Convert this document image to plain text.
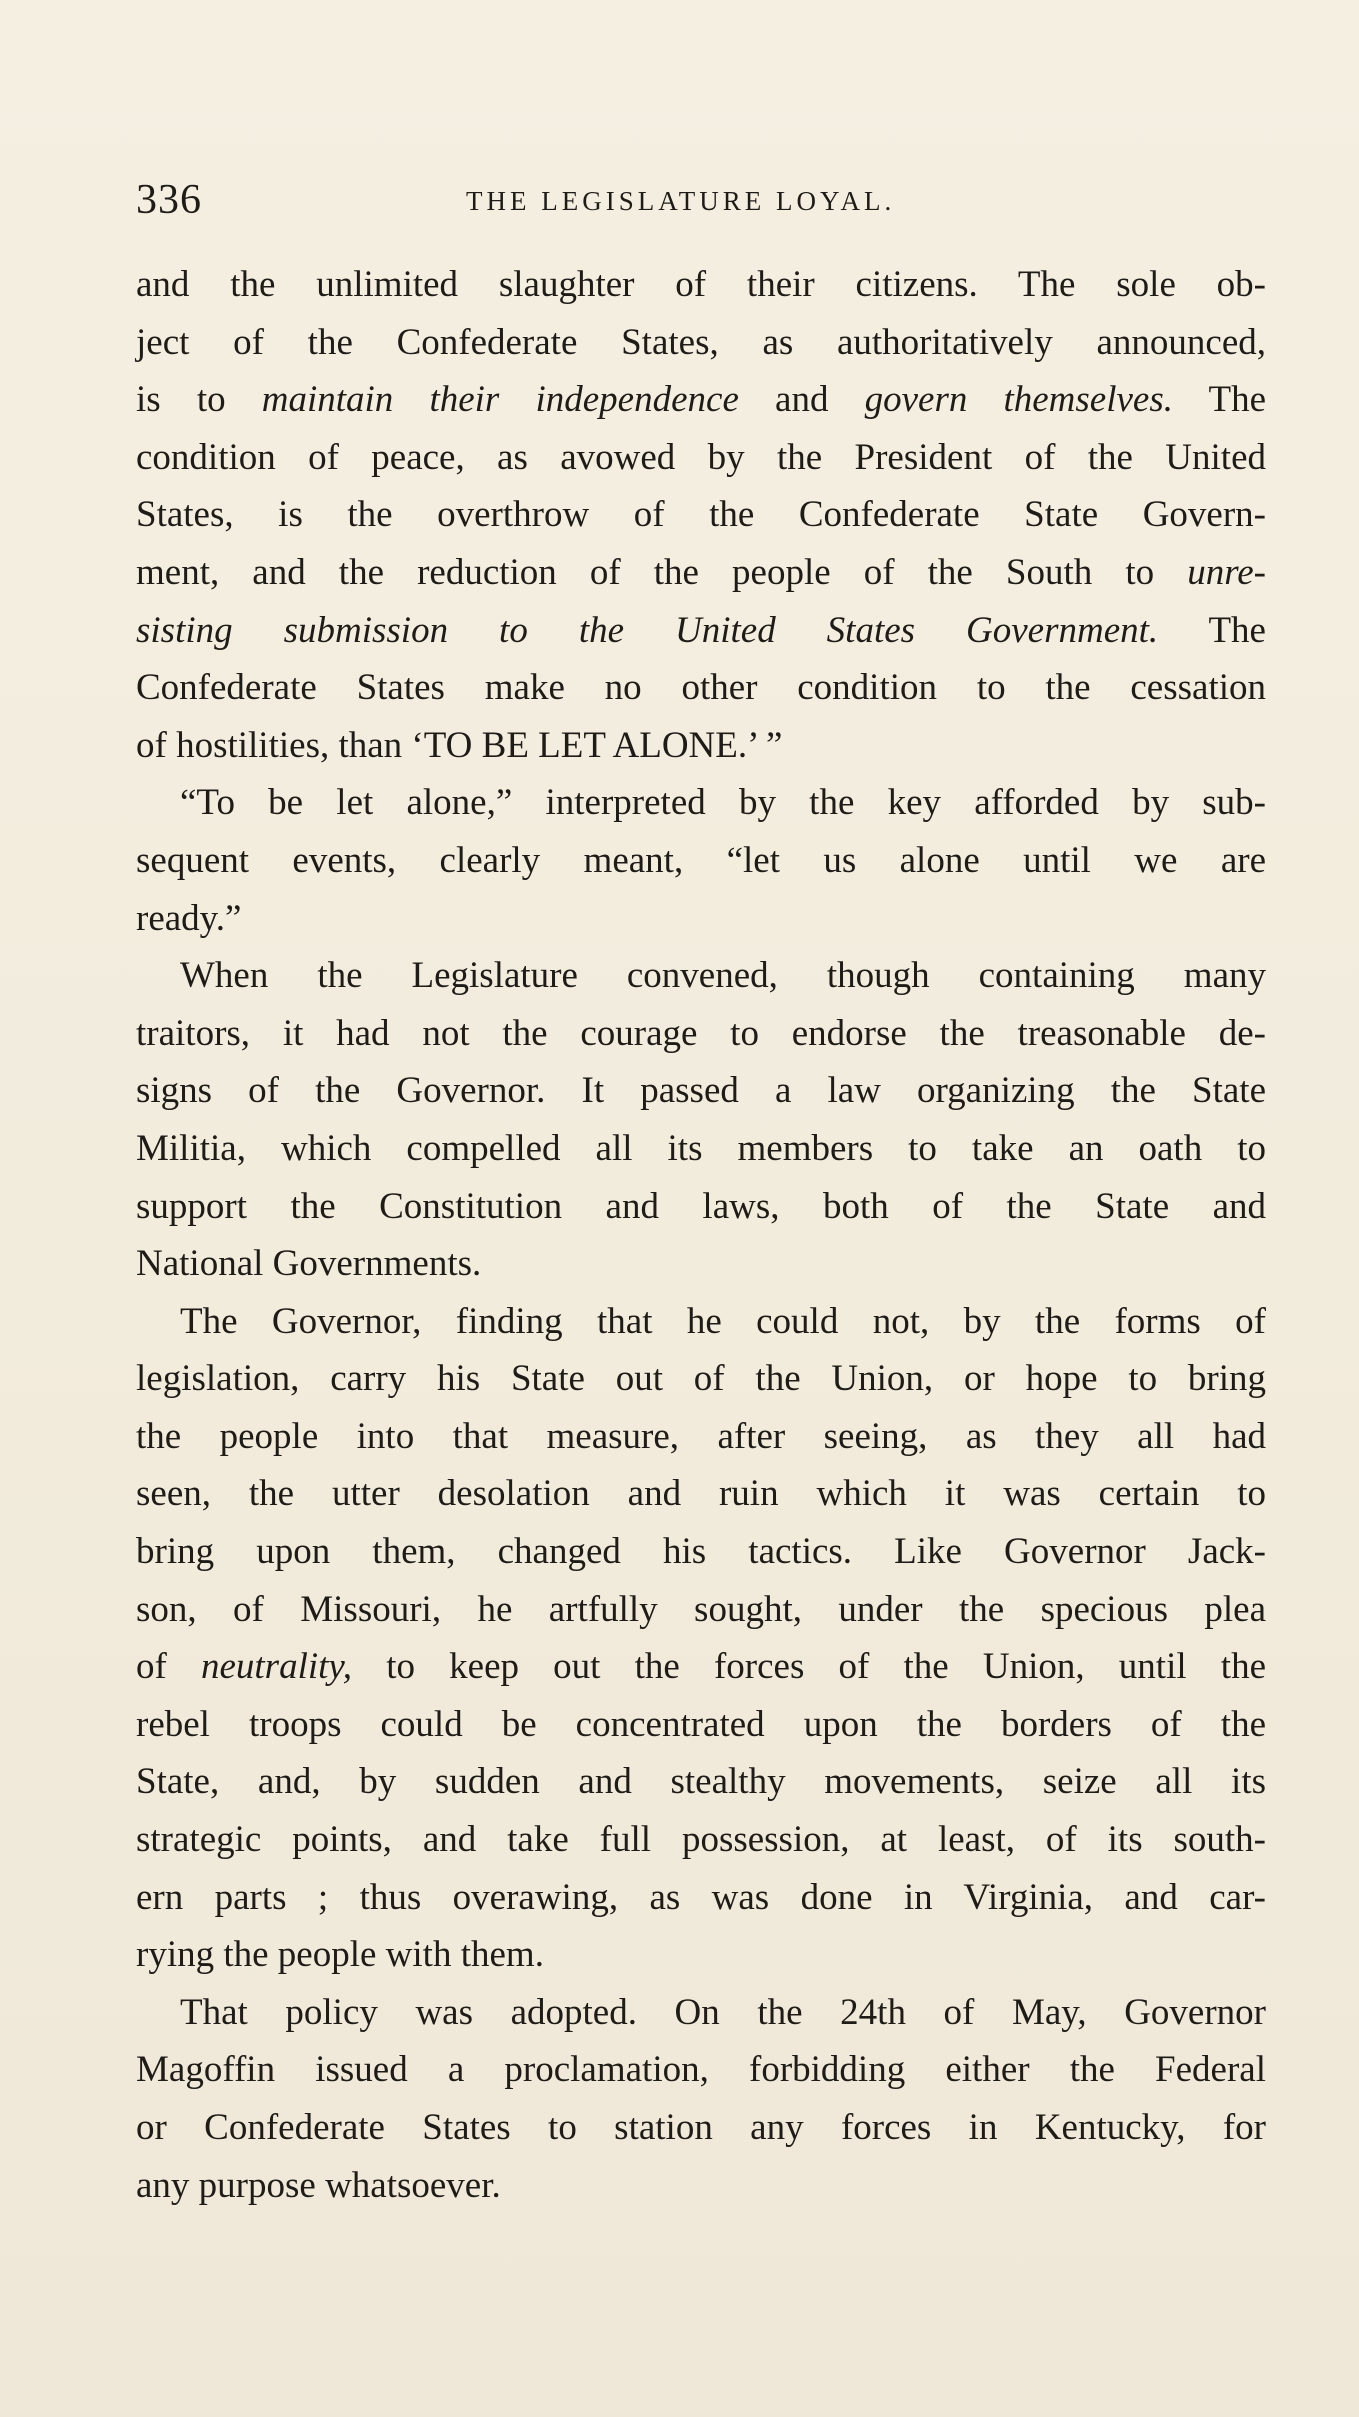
336	THE LEGISLATURE LOYAL.

and the unlimited slaughter of their citizens. The sole ob-
ject of the Confederate States, as authoritatively announced,
is to maintain their independence and govern themselves. The
condition of peace, as avowed by the President of the United
States, is the overthrow of the Confederate State Govern-
ment, and the reduction of the people of the South to unre-
sisting submission to the United States Government. The
Confederate States make no other condition to the cessation
of hostilities, than ‘TO BE LET ALONE.’ ”

“To be let alone,” interpreted by the key afforded by sub-
sequent events, clearly meant, “let us alone until we are
ready.”

When the Legislature convened, though containing many
traitors, it had not the courage to endorse the treasonable de-
signs of the Governor. It passed a law organizing the State
Militia, which compelled all its members to take an oath to
support the Constitution and laws, both of the State and
National Governments.

The Governor, finding that he could not, by the forms of
legislation, carry his State out of the Union, or hope to bring
the people into that measure, after seeing, as they all had
seen, the utter desolation and ruin which it was certain to
bring upon them, changed his tactics. Like Governor Jack-
son, of Missouri, he artfully sought, under the specious plea
of neutrality, to keep out the forces of the Union, until the
rebel troops could be concentrated upon the borders of the
State, and, by sudden and stealthy movements, seize all its
strategic points, and take full possession, at least, of its south-
ern parts ; thus overawing, as was done in Virginia, and car-
rying the people with them.

That policy was adopted. On the 24th of May, Governor
Magoffin issued a proclamation, forbidding either the Federal
or Confederate States to station any forces in Kentucky, for
any purpose whatsoever.
